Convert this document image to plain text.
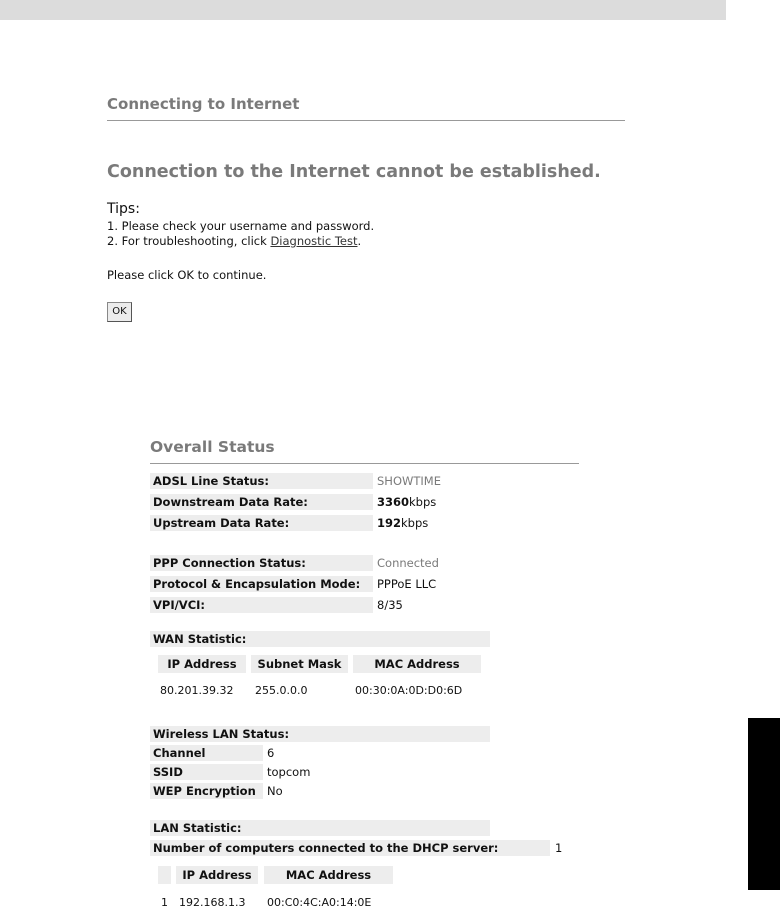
Connecting to Internet
Connection to the Internet cannot be established.
Tips:
1. Please check your username and password.
2. For troubleshooting, click Diagnostic Test.
Please click OK to continue.
OK
Overall Status
ADSL Line Status:	SHOWTIME
Downstream Data Rate:	3360kbps
Upstream Data Rate:	192kbps
PPP Connection Status:	Connected
Protocol & Encapsulation Mode:	PPPoE LLC
VPI/VCI:	8/35
WAN Statistic:
IP Address	Subnet Mask	MAC Address
80.201.39.32 255.0.0.0	00:30:0A:0D:D0:6D
Wireless LAN Status:
Channel	6
SSID	topcom
WEP Encryption No
LAN Statistic:
Number of computers connected to the DHCP server:	1
IP Address	MAC Address
1 192.168.1.3 00:C0:4C:A0:14:0E
